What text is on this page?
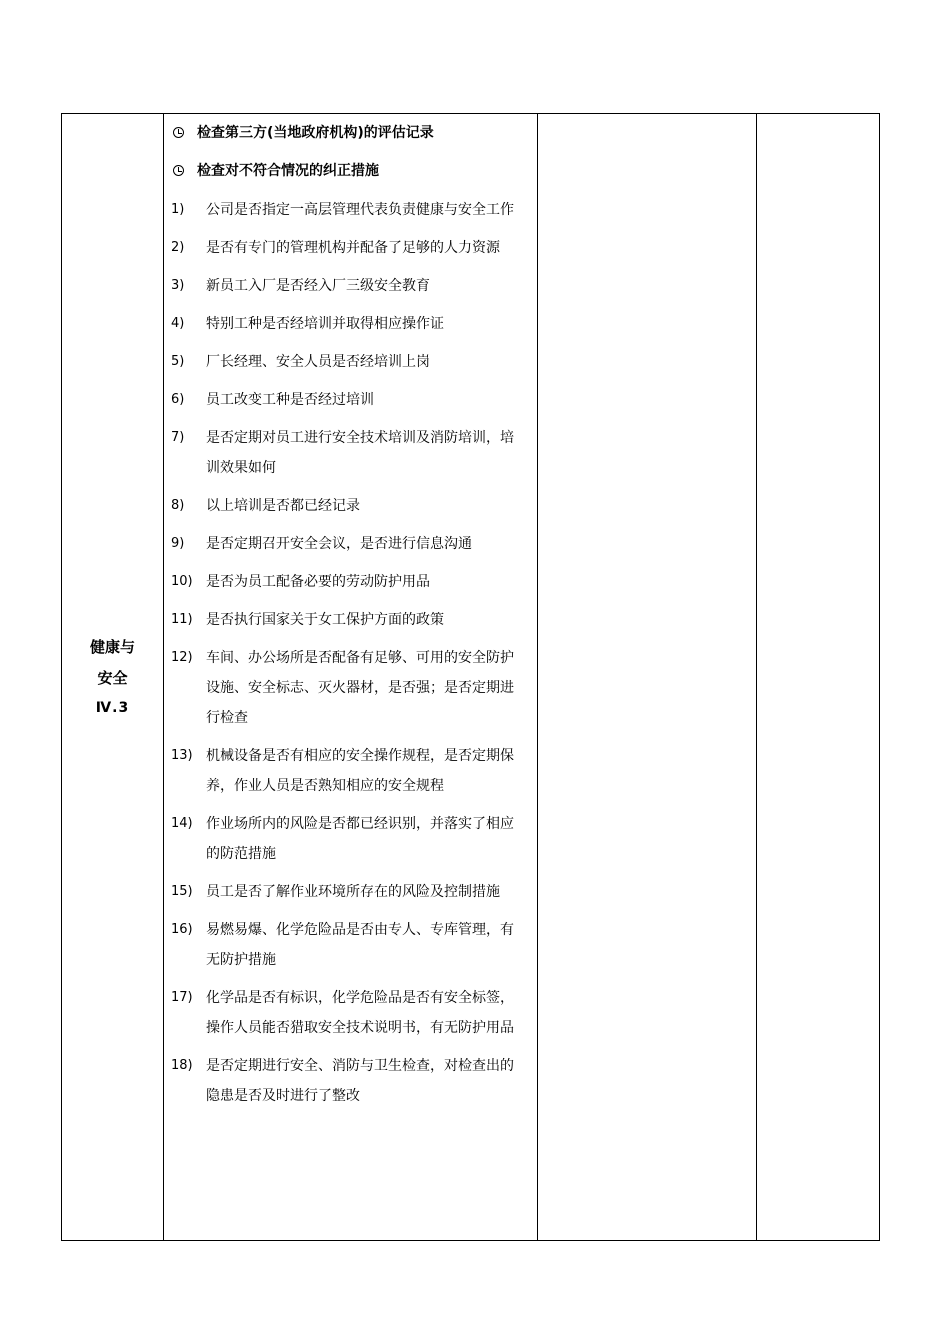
健康与
安全
Ⅳ.3

检查第三方(当地政府机构)的评估记录
检查对不符合情况的纠正措施
1)	公司是否指定一高层管理代表负责健康与安全工作
2)	是否有专门的管理机构并配备了足够的人力资源
3)	新员工入厂是否经入厂三级安全教育
4)	特别工种是否经培训并取得相应操作证
5)	厂长经理、安全人员是否经培训上岗
6)	员工改变工种是否经过培训
7)	是否定期对员工进行安全技术培训及消防培训，培训效果如何
8)	以上培训是否都已经记录
9)	是否定期召开安全会议，是否进行信息沟通
10) 是否为员工配备必要的劳动防护用品
11) 是否执行国家关于女工保护方面的政策
12) 车间、办公场所是否配备有足够、可用的安全防护设施、安全标志、灭火器材，是否强；是否定期进行检查
13) 机械设备是否有相应的安全操作规程，是否定期保养，作业人员是否熟知相应的安全规程
14) 作业场所内的风险是否都已经识别，并落实了相应的防范措施
15) 员工是否了解作业环境所存在的风险及控制措施
16) 易燃易爆、化学危险品是否由专人、专库管理，有无防护措施
17) 化学品是否有标识，化学危险品是否有安全标签，操作人员能否猎取安全技术说明书，有无防护用品
18) 是否定期进行安全、消防与卫生检查，对检查出的隐患是否及时进行了整改
